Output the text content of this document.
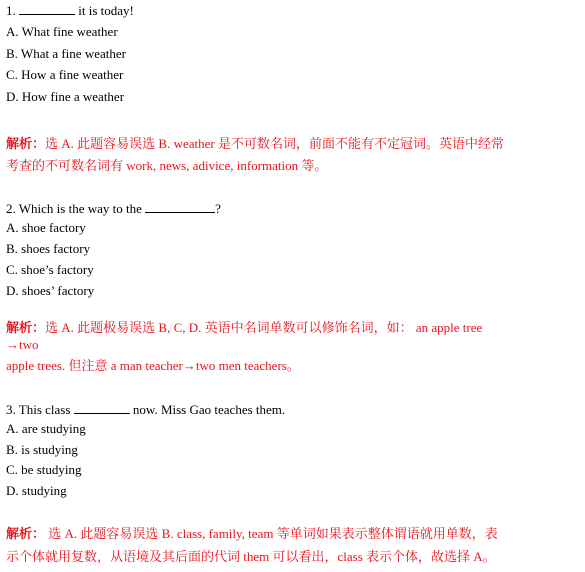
1.	it is today!
A. What fine weather
B. What a fine weather
C. How a fine weather
D. How fine a weather
解析：选 A. 此题容易误选 B. weather 是不可数名词，前面不能有不定冠词。英语中经常
考查的不可数名词有 work, news, adivice, information 等。
2. Which is the way to the	?
A. shoe factory
B. shoes factory
C. shoe’s factory
D. shoes’ factory
解析：选 A. 此题极易误选 B, C, D. 英语中名词单数可以修饰名词，如： an apple tree
→two
apple trees. 但注意 a man teacher→two men teachers。
3. This class	now. Miss Gao teaches them.
A. are studying
B. is studying
C. be studying
D. studying
解析： 选 A. 此题容易误选 B. class, family, team 等单词如果表示整体谓语就用单数，表
示个体就用复数，从语境及其后面的代词 them 可以看出，class 表示个体，故选择 A。
